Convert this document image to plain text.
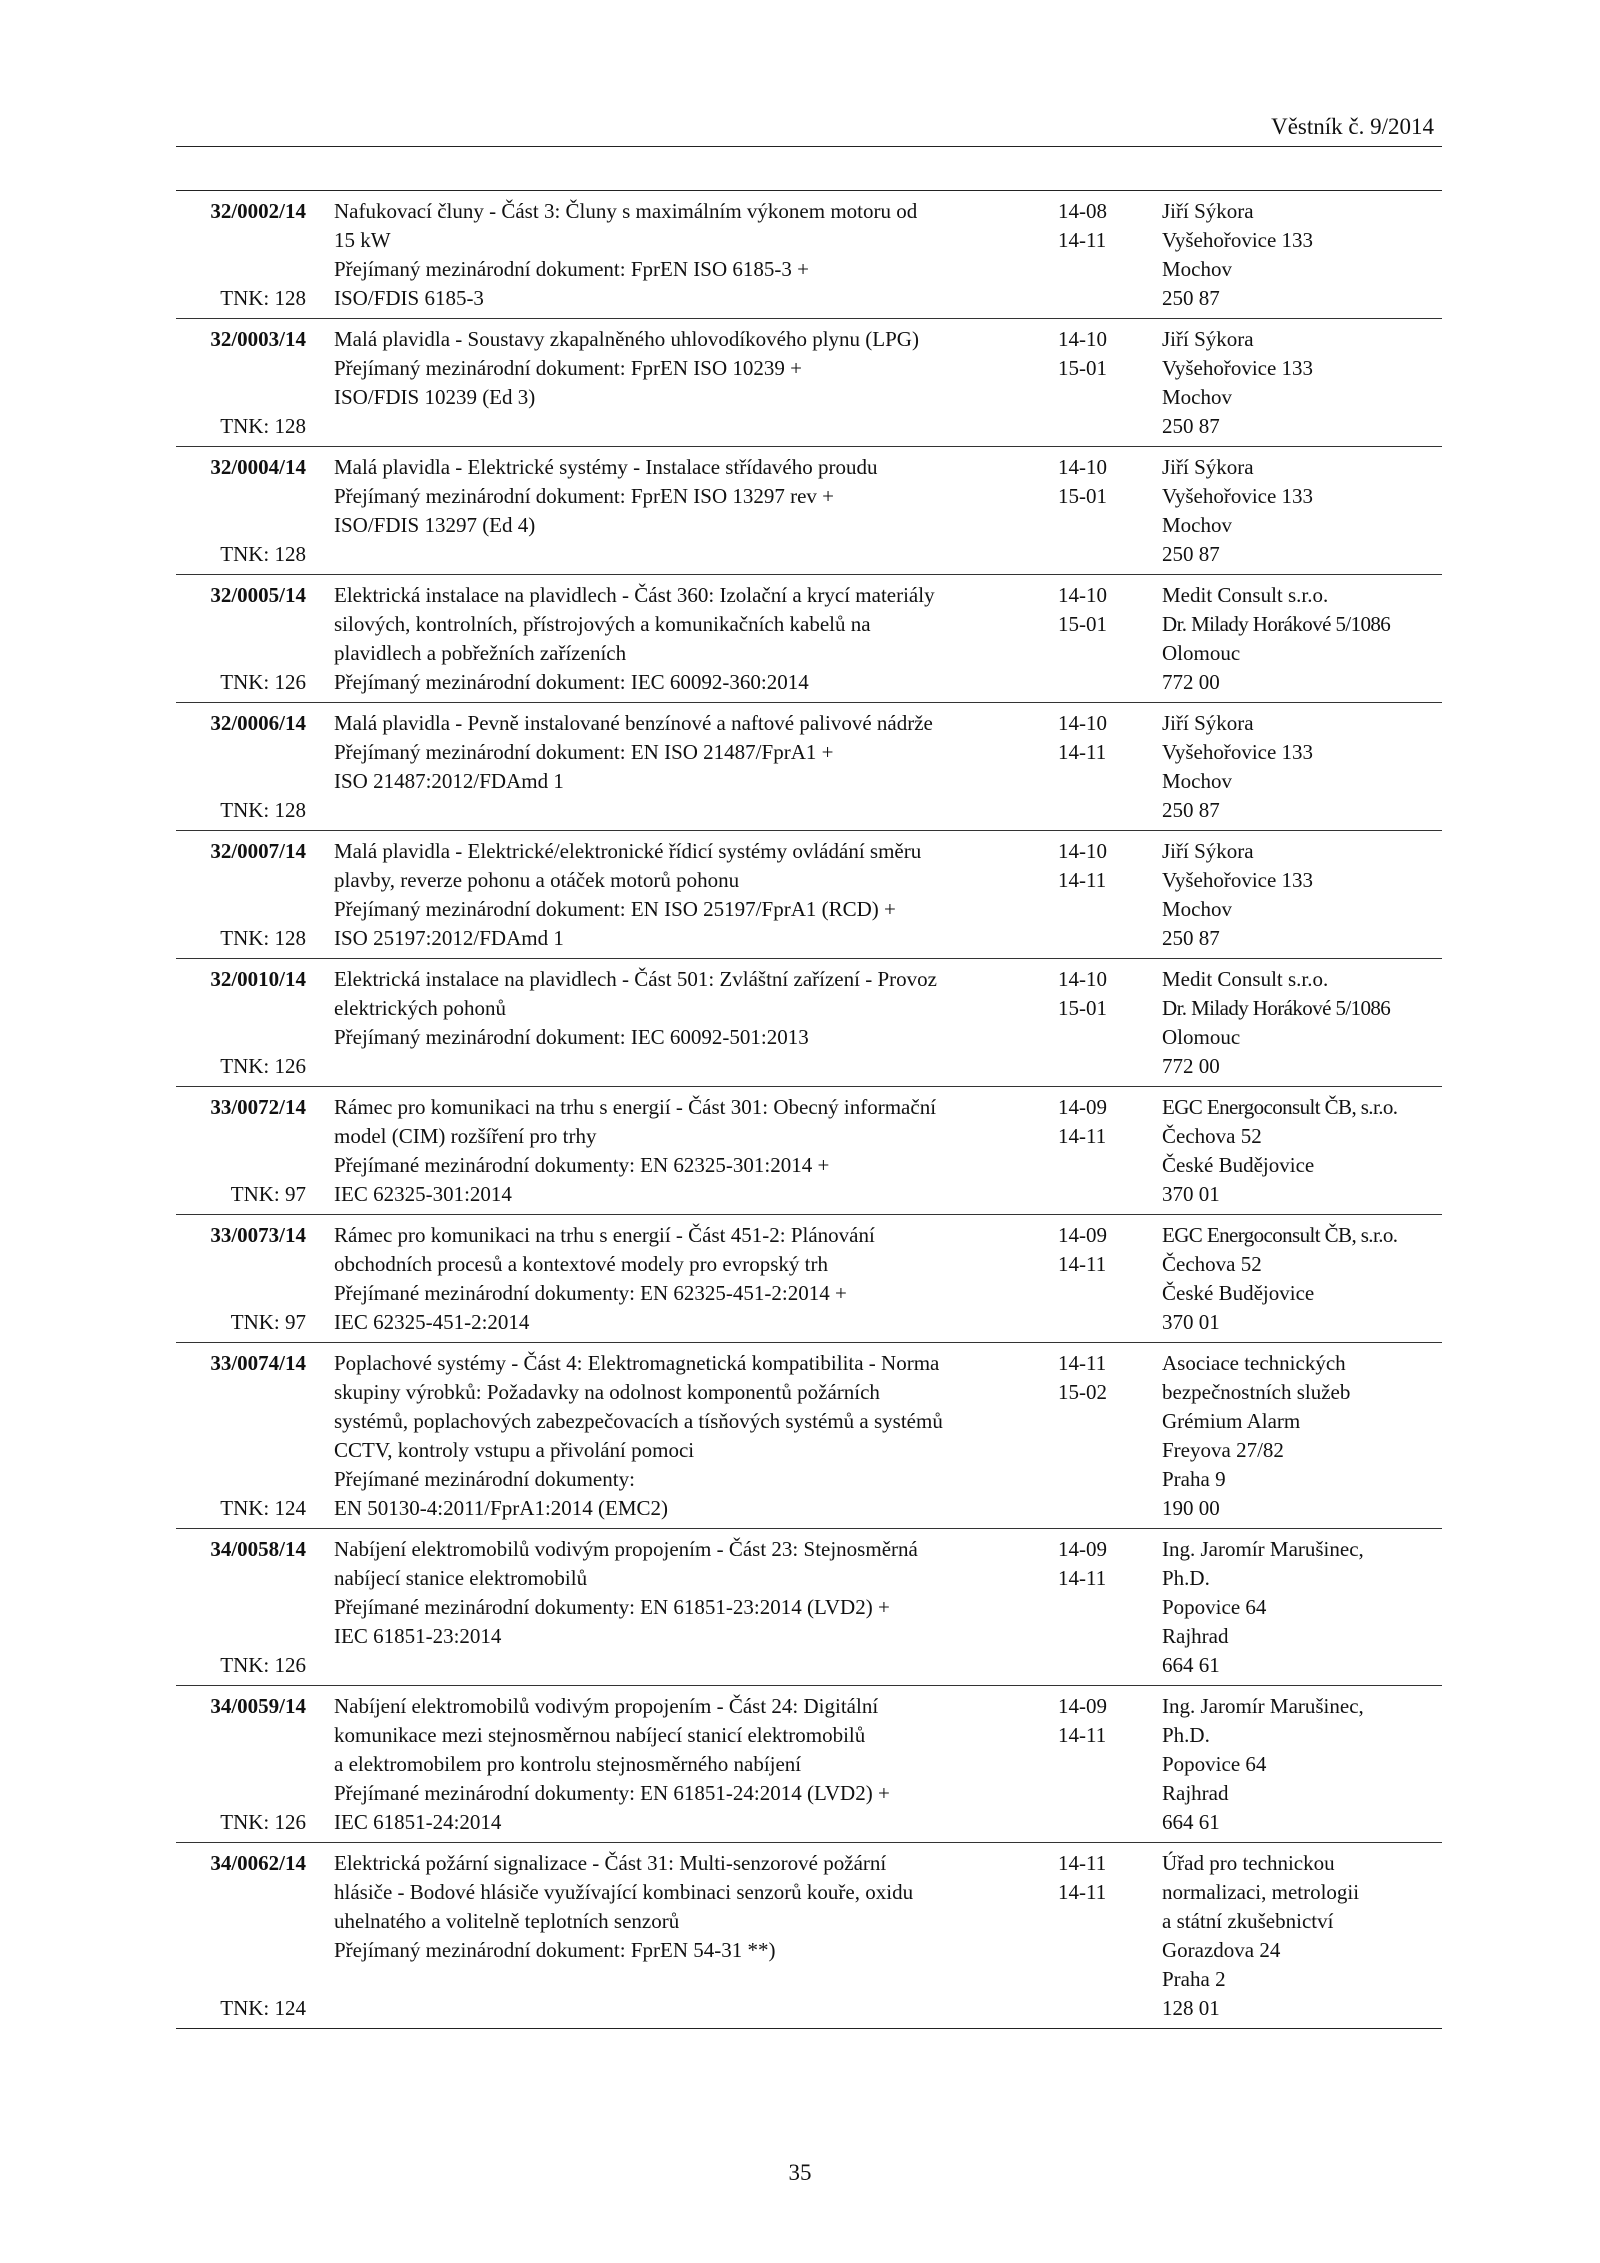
Věstník č. 9/2014
32/0002/14
TNK: 128
Nafukovací čluny - Část 3: Čluny s maximálním výkonem motoru od
15 kW
Přejímaný mezinárodní dokument: FprEN ISO 6185-3 +
ISO/FDIS 6185-3
14-08
14-11
Jiří Sýkora
Vyšehořovice 133
Mochov
250 87
32/0003/14
TNK: 128
Malá plavidla - Soustavy zkapalněného uhlovodíkového plynu (LPG)
Přejímaný mezinárodní dokument: FprEN ISO 10239 +
ISO/FDIS 10239 (Ed 3)

14-10
15-01
Jiří Sýkora
Vyšehořovice 133
Mochov
250 87
32/0004/14
TNK: 128
Malá plavidla - Elektrické systémy - Instalace střídavého proudu
Přejímaný mezinárodní dokument: FprEN ISO 13297 rev +
ISO/FDIS 13297 (Ed 4)

14-10
15-01
Jiří Sýkora
Vyšehořovice 133
Mochov
250 87
32/0005/14
TNK: 126
Elektrická instalace na plavidlech - Část 360: Izolační a krycí materiály
silových, kontrolních, přístrojových a komunikačních kabelů na
plavidlech a pobřežních zařízeních
Přejímaný mezinárodní dokument: IEC 60092-360:2014
14-10
15-01
Medit Consult s.r.o.
Dr. Milady Horákové 5/1086
Olomouc
772 00
32/0006/14
TNK: 128
Malá plavidla - Pevně instalované benzínové a naftové palivové nádrže
Přejímaný mezinárodní dokument: EN ISO 21487/FprA1 +
ISO 21487:2012/FDAmd 1

14-10
14-11
Jiří Sýkora
Vyšehořovice 133
Mochov
250 87
32/0007/14
TNK: 128
Malá plavidla - Elektrické/elektronické řídicí systémy ovládání směru
plavby, reverze pohonu a otáček motorů pohonu
Přejímaný mezinárodní dokument: EN ISO 25197/FprA1 (RCD) +
ISO 25197:2012/FDAmd 1
14-10
14-11
Jiří Sýkora
Vyšehořovice 133
Mochov
250 87
32/0010/14
TNK: 126
Elektrická instalace na plavidlech - Část 501: Zvláštní zařízení - Provoz
elektrických pohonů
Přejímaný mezinárodní dokument: IEC 60092-501:2013

14-10
15-01
Medit Consult s.r.o.
Dr. Milady Horákové 5/1086
Olomouc
772 00
33/0072/14
TNK: 97
Rámec pro komunikaci na trhu s energií - Část 301: Obecný informační
model (CIM) rozšíření pro trhy
Přejímané mezinárodní dokumenty: EN 62325-301:2014 +
IEC 62325-301:2014
14-09
14-11
EGC Energoconsult ČB, s.r.o.
Čechova 52
České Budějovice
370 01
33/0073/14
TNK: 97
Rámec pro komunikaci na trhu s energií - Část 451-2: Plánování
obchodních procesů a kontextové modely pro evropský trh
Přejímané mezinárodní dokumenty: EN 62325-451-2:2014 +
IEC 62325-451-2:2014
14-09
14-11
EGC Energoconsult ČB, s.r.o.
Čechova 52
České Budějovice
370 01
33/0074/14
TNK: 124
Poplachové systémy - Část 4: Elektromagnetická kompatibilita - Norma
skupiny výrobků: Požadavky na odolnost komponentů požárních
systémů, poplachových zabezpečovacích a tísňových systémů a systémů
CCTV, kontroly vstupu a přivolání pomoci
Přejímané mezinárodní dokumenty:
EN 50130-4:2011/FprA1:2014 (EMC2)
14-11
15-02
Asociace technických
bezpečnostních služeb
Grémium Alarm
Freyova 27/82
Praha 9
190 00
34/0058/14
TNK: 126
Nabíjení elektromobilů vodivým propojením - Část 23: Stejnosměrná
nabíjecí stanice elektromobilů
Přejímané mezinárodní dokumenty: EN 61851-23:2014 (LVD2) +
IEC 61851-23:2014

14-09
14-11
Ing. Jaromír Marušinec,
Ph.D.
Popovice 64
Rajhrad
664 61
34/0059/14
TNK: 126
Nabíjení elektromobilů vodivým propojením - Část 24: Digitální
komunikace mezi stejnosměrnou nabíjecí stanicí elektromobilů
a elektromobilem pro kontrolu stejnosměrného nabíjení
Přejímané mezinárodní dokumenty: EN 61851-24:2014 (LVD2) +
IEC 61851-24:2014
14-09
14-11
Ing. Jaromír Marušinec,
Ph.D.
Popovice 64
Rajhrad
664 61
34/0062/14
TNK: 124
Elektrická požární signalizace - Část 31: Multi-senzorové požární
hlásiče - Bodové hlásiče využívající kombinaci senzorů kouře, oxidu
uhelnatého a volitelně teplotních senzorů
Přejímaný mezinárodní dokument: FprEN 54-31 **)

14-11
14-11
Úřad pro technickou
normalizaci, metrologii
a státní zkušebnictví
Gorazdova 24
Praha 2
128 01
35
